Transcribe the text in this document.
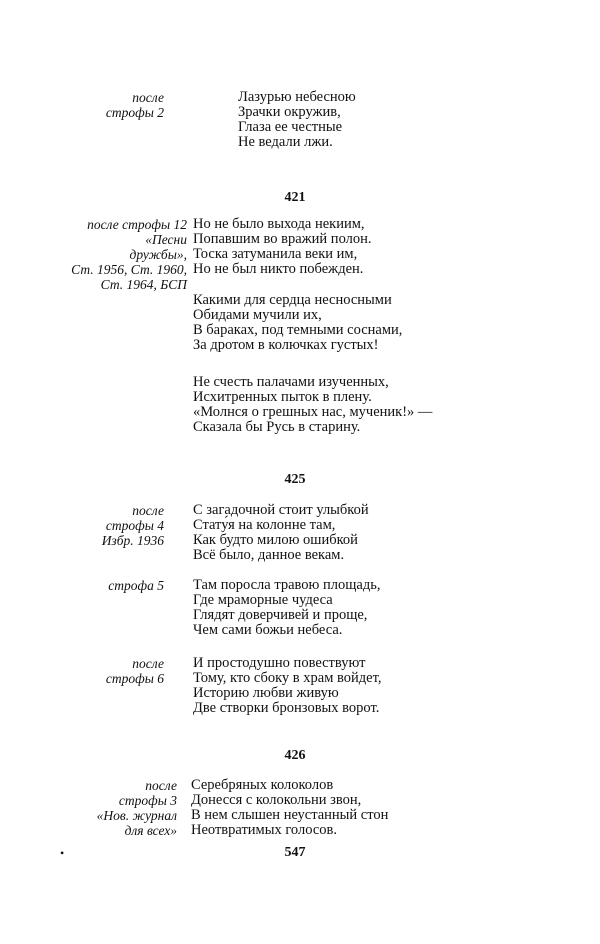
после
строфы 2
Лазурью небесною
Зрачки окружив,
Глаза ее честные
Не ведали лжи.
421
после строфы 12
«Песни
дружбы»,
Ст. 1956, Ст. 1960,
Ст. 1964, БСП
Но не было выхода некиим,
Попавшим во вражий полон.
Тоска затуманила веки им,
Но не был никто побежден.
Какими для сердца несносными
Обидами мучили их,
В бараках, под темными соснами,
За дротом в колючках густых!
Не счесть палачами изученных,
Исхитренных пыток в плену.
«Молнся о грешных нас, мученик!» —
Сказала бы Русь в старину.
425
после
строфы 4
Избр. 1936
С загадочной стоит улыбкой
Стату́я на колонне там,
Как будто милою ошибкой
Всё было, данное векам.
строфа 5 Там поросла травою площадь,
Где мраморные чудеса
Глядят доверчивей и проще,
Чем сами божьи небеса.
после
строфы 6
И простодушно повествуют
Тому, кто сбоку в храм войдет,
Историю любви живую
Две створки бронзовых ворот.
426
после
строфы 3
«Нов. журнал
для всех»
Серебряных колоколов
Донесся с колокольни звон,
В нем слышен неустанный стон
Неотвратимых голосов.
•	547
